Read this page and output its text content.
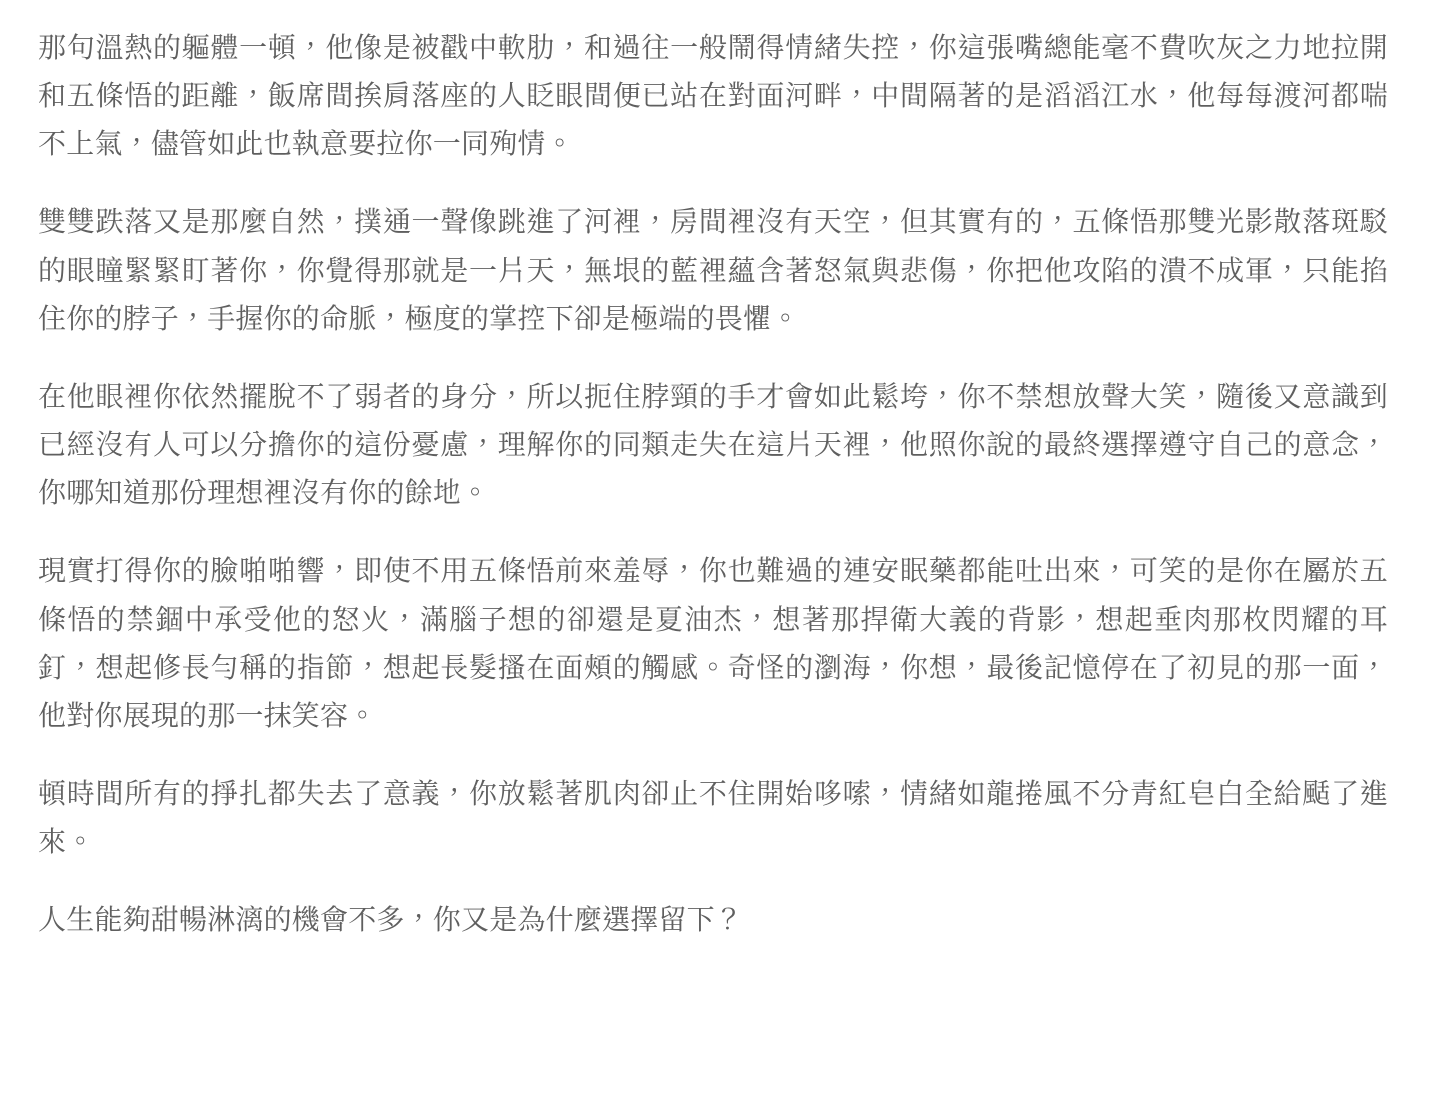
那句溫熱的軀體一頓，他像是被戳中軟肋，和過往一般鬧得情緒失控，你這張嘴總能毫不費吹灰之力地拉開和五條悟的距離，飯席間挨肩落座的人眨眼間便已站在對面河畔，中間隔著的是滔滔江水，他每每渡河都喘不上氣，儘管如此也執意要拉你一同殉情。

雙雙跌落又是那麼自然，撲通一聲像跳進了河裡，房間裡沒有天空，但其實有的，五條悟那雙光影散落斑駁的眼瞳緊緊盯著你，你覺得那就是一片天，無垠的藍裡蘊含著怒氣與悲傷，你把他攻陷的潰不成軍，只能掐住你的脖子，手握你的命脈，極度的掌控下卻是極端的畏懼。

在他眼裡你依然擺脫不了弱者的身分，所以扼住脖頸的手才會如此鬆垮，你不禁想放聲大笑，隨後又意識到已經沒有人可以分擔你的這份憂慮，理解你的同類走失在這片天裡，他照你說的最終選擇遵守自己的意念，你哪知道那份理想裡沒有你的餘地。

現實打得你的臉啪啪響，即使不用五條悟前來羞辱，你也難過的連安眠藥都能吐出來，可笑的是你在屬於五條悟的禁錮中承受他的怒火，滿腦子想的卻還是夏油杰，想著那捍衛大義的背影，想起垂肉那枚閃耀的耳釘，想起修長勻稱的指節，想起長髮搔在面頰的觸感。奇怪的瀏海，你想，最後記憶停在了初見的那一面，他對你展現的那一抹笑容。

頓時間所有的掙扎都失去了意義，你放鬆著肌肉卻止不住開始哆嗦，情緒如龍捲風不分青紅皂白全給颳了進來。

人生能夠甜暢淋漓的機會不多，你又是為什麼選擇留下？
